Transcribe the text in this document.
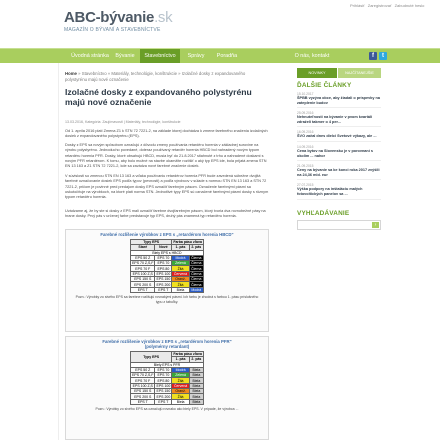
ABC-bývanie.sk
MAGAZÍN O BÝVANÍ A STAVEBNÍCTVE
Prihlásiť Zaregistrovať Zabudnuté heslo
Úvodná stránka	Bývanie	Stavebníctvo	Správy	Poradňa	O nás, kontakt	f	t
Home » Stavebníctvo » Materiály, technológie, konštrukcie » Izolačné dosky z expandovaného polystyrénu majú nové označenie
Izolačné dosky z expandovaného polystyrénu majú nové označenie
13.03.2016, Kategória: Zaujímavosti | Materiály, technológie, konštrukcie
Od 1. apríla 2016 platí Zmena Z1 k STN 72 7221-2, na základe ktorej dochádza k zmene farebného značenia izolačných dosiek z expandovaného polystyrénu (EPS).
Dosky z EPS sa novým spôsobom označujú z dôvodu zmeny používania retardéru horenia v základnej surovine na výrobu polystyrénu. Jednoducho povedané, doteraz používaný retardér horenia HBCD bol nahradený novým typom retardéru horenia PFR. Dosky, ktoré obsahujú HBCD, musia byť do 21.8.2017 stiahnuté z trhu a nahradené doskami s novým PFR retardérom. K tomu, aby bolo možné na stavbe okamžite rozlíšiť o aký typ EPS ide, bola prijatá zmena STN EN 13 163 a Z1 STN 72 7221-2, kde sa zavádza nové farebné značenie dosiek.
V súvislosti so zmenou STN EN 13 163 a vďaka používaniu retardérov horenia PFR bude zavedená súbežne dvojitá farebné označovanie dosiek EPS podľa typov (pevnosti) a podľa výrobcov v súlade s normou STN EN 13 163 a STN 72 7221-2, pričom je povinné pred predajom dosky EPS označiť farebným pásom. Označenie farebnými pásmi sa uskutočňuje na výrobkoch, na ktoré platí norma STN. Jednotlivé typy EPS sú označené farebnými pásmi dosky s rôznym typom retardéru horenia.
Uvádzame aj, že by ste si dosky z EPS mali označiť farebne dvojfarebným pásom, ktorý tvoria dva rovnobežné pásy na hrane dosky. Prvý pás v určenej farbe predstavuje typ EPS, druhý pás znamená typ retardéru horenia.
Farebné rozlíšenie výrobkov z EPS s „retardérom horenia HBCD"
Typy EPS		Farba pásu zľava	
Staré	Nové	1. pás	2. pás
Biely EPS s HBCD			
EPS 50 Z	EPS 70	Modrá	Čierna
EPS 70 Z,S,F	EPS 70	Zelená	Čierna
EPS 70 F	EPS 80	Žltá	Čierna
EPS 100 Z,S	EPS 100	Červená	Čierna
EPS 150 S	EPS 150	Oranž.	Čierna
EPS 200 S	EPS 200	Žltá	Čierna
EPS T	EPS T	Biela	Modrá
Pozn.: Výrobky zo sivého EPS sa farebne rozlišujú rovnakými pásmi. Ich farbu je zhodná s farbou 1. pásu príslušného typu z tabuľky.
Farebné rozlíšenie výrobkov z EPS s „retardérom horenia PFR"
(polymérny retardant)
Typy EPS		Farba pásu zľava	
		1. pás	2. pás
Biely EPS s PFR			
EPS 50 Z	EPS 70	Modrá	Biela
EPS 70 Z,S,F	EPS 70	Zelená	Biela
EPS 70 F	EPS 80	Žltá	Biela
EPS 100 Z,S	EPS 100	Červená	Biela
EPS 150 S	EPS 150	Oranž.	Biela
EPS 200 S	EPS 200	Žltá	Biela
EPS T	EPS T	Biela	Biela
Pozn.: Výrobky zo sivého EPS sa označujú rovnako ako biely EPS. V prípade, že výrobca ...
NOVINKY	NAJČÍTANEJŠIE
ĎALŠIE ČLÁNKY
15.10.2017
ŠPBB vyzýva obce, aby žiadali o príspevky na zateplenie budov
25.09.2016
Nehnuteľnosti na bývanie v pvom kvartáli zdraželi takmer o 4 per...
16.09.2016
ŠVO začal dnes dielci Svetové výkazy, ale ...
14.09.2016
Cena bytov na Slovensku je v porovnaní s okolím ... nahor
21.09.2015
Ceny na bývanie sa ke konci roka 2017 zvýšili na 24,36 mld. eur
27.07.2015
Výška podpory na inštaláciu malých fotovoltických panelov sa ...
VYHĽADÁVANIE
›
